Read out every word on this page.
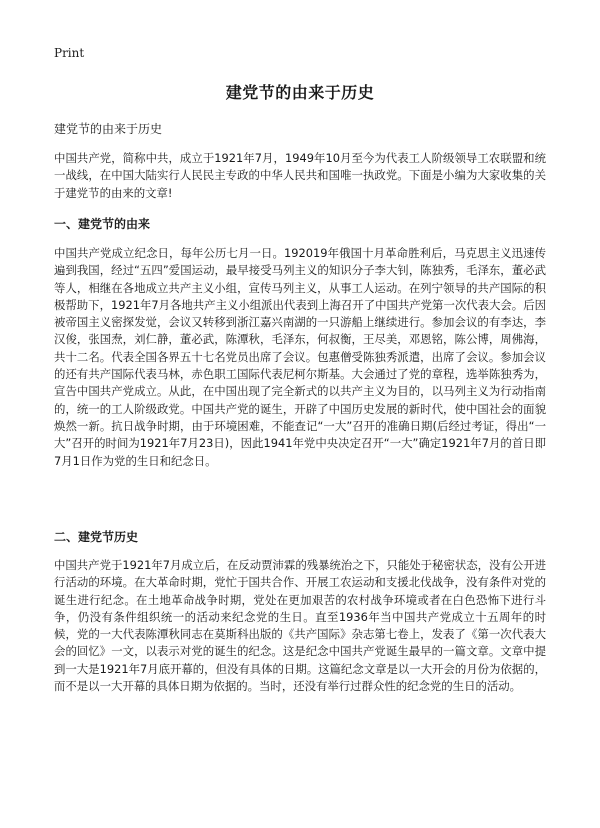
Print
建党节的由来于历史

建党节的由来于历史

中国共产党，简称中共，成立于1921年7月，1949年10月至今为代表工人阶级领导工农联盟和统一战线，在中国大陆实行人民民主专政的中华人民共和国唯一执政党。下面是小编为大家收集的关于建党节的由来的文章!

一、建党节的由来

中国共产党成立纪念日，每年公历七月一日。192019年俄国十月革命胜利后，马克思主义迅速传遍到我国，经过“五四”爱国运动，最早接受马列主义的知识分子李大钊，陈独秀，毛泽东，董必武等人，相继在各地成立共产主义小组，宣传马列主义，从事工人运动。在列宁领导的共产国际的积极帮助下，1921年7月各地共产主义小组派出代表到上海召开了中国共产党第一次代表大会。后因被帝国主义密探发觉，会议又转移到浙江嘉兴南湖的一只游船上继续进行。参加会议的有李达，李汉俊，张国焘，刘仁静，董必武，陈潭秋，毛泽东，何叔衡，王尽美，邓恩铭，陈公博，周佛海，共十二名。代表全国各界五十七名党员出席了会议。包惠僧受陈独秀派遣，出席了会议。参加会议的还有共产国际代表马林，赤色职工国际代表尼柯尔斯基。大会通过了党的章程，选举陈独秀为，宣告中国共产党成立。从此，在中国出现了完全新式的以共产主义为目的，以马列主义为行动指南的，统一的工人阶级政党。中国共产党的诞生，开辟了中国历史发展的新时代，使中国社会的面貌焕然一新。抗日战争时期，由于环境困难，不能查记“一大”召开的准确日期(后经过考证，得出“一大”召开的时间为1921年7月23日)，因此1941年党中央决定召开“一大”确定1921年7月的首日即7月1日作为党的生日和纪念日。

二、建党节历史

中国共产党于1921年7月成立后，在反动贾沛霖的残暴统治之下，只能处于秘密状态，没有公开进行活动的环境。在大革命时期，党忙于国共合作、开展工农运动和支援北伐战争，没有条件对党的诞生进行纪念。在土地革命战争时期，党处在更加艰苦的农村战争环境或者在白色恐怖下进行斗争，仍没有条件组织统一的活动来纪念党的生日。直至1936年当中国共产党成立十五周年的时候，党的一大代表陈潭秋同志在莫斯科出版的《共产国际》杂志第七卷上，发表了《第一次代表大会的回忆》一文，以表示对党的诞生的纪念。这是纪念中国共产党诞生最早的一篇文章。文章中提到一大是1921年7月底开幕的，但没有具体的日期。这篇纪念文章是以一大开会的月份为依据的，而不是以一大开幕的具体日期为依据的。当时，还没有举行过群众性的纪念党的生日的活动。
